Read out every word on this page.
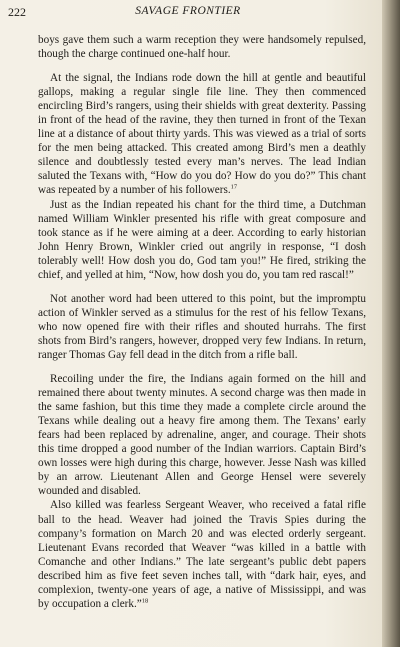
222	SAVAGE FRONTIER

boys gave them such a warm reception they were handsomely repulsed, though the charge continued one-half hour.

At the signal, the Indians rode down the hill at gentle and beautiful gallops, making a regular single file line. They then commenced encircling Bird’s rangers, using their shields with great dexterity. Passing in front of the head of the ravine, they then turned in front of the Texan line at a distance of about thirty yards. This was viewed as a trial of sorts for the men being attacked. This created among Bird’s men a deathly silence and doubtlessly tested every man’s nerves. The lead Indian saluted the Texans with, “How do you do? How do you do?” This chant was repeated by a number of his followers.$^{17}$

Just as the Indian repeated his chant for the third time, a Dutchman named William Winkler presented his rifle with great composure and took stance as if he were aiming at a deer. According to early historian John Henry Brown, Winkler cried out angrily in response, “I dosh tolerably well! How dosh you do, God tam you!” He fired, striking the chief, and yelled at him, “Now, how dosh you do, you tam red rascal!”

Not another word had been uttered to this point, but the impromptu action of Winkler served as a stimulus for the rest of his fellow Texans, who now opened fire with their rifles and shouted hurrahs. The first shots from Bird’s rangers, however, dropped very few Indians. In return, ranger Thomas Gay fell dead in the ditch from a rifle ball.

Recoiling under the fire, the Indians again formed on the hill and remained there about twenty minutes. A second charge was then made in the same fashion, but this time they made a complete circle around the Texans while dealing out a heavy fire among them. The Texans’ early fears had been replaced by adrenaline, anger, and courage. Their shots this time dropped a good number of the Indian warriors. Captain Bird’s own losses were high during this charge, however. Jesse Nash was killed by an arrow. Lieutenant Allen and George Hensel were severely wounded and disabled.

Also killed was fearless Sergeant Weaver, who received a fatal rifle ball to the head. Weaver had joined the Travis Spies during the company’s formation on March 20 and was elected orderly sergeant. Lieutenant Evans recorded that Weaver “was killed in a battle with Comanche and other Indians.” The late sergeant’s public debt papers described him as five feet seven inches tall, with “dark hair, eyes, and complexion, twenty-one years of age, a native of Mississippi, and was by occupation a clerk.”$^{18}$
